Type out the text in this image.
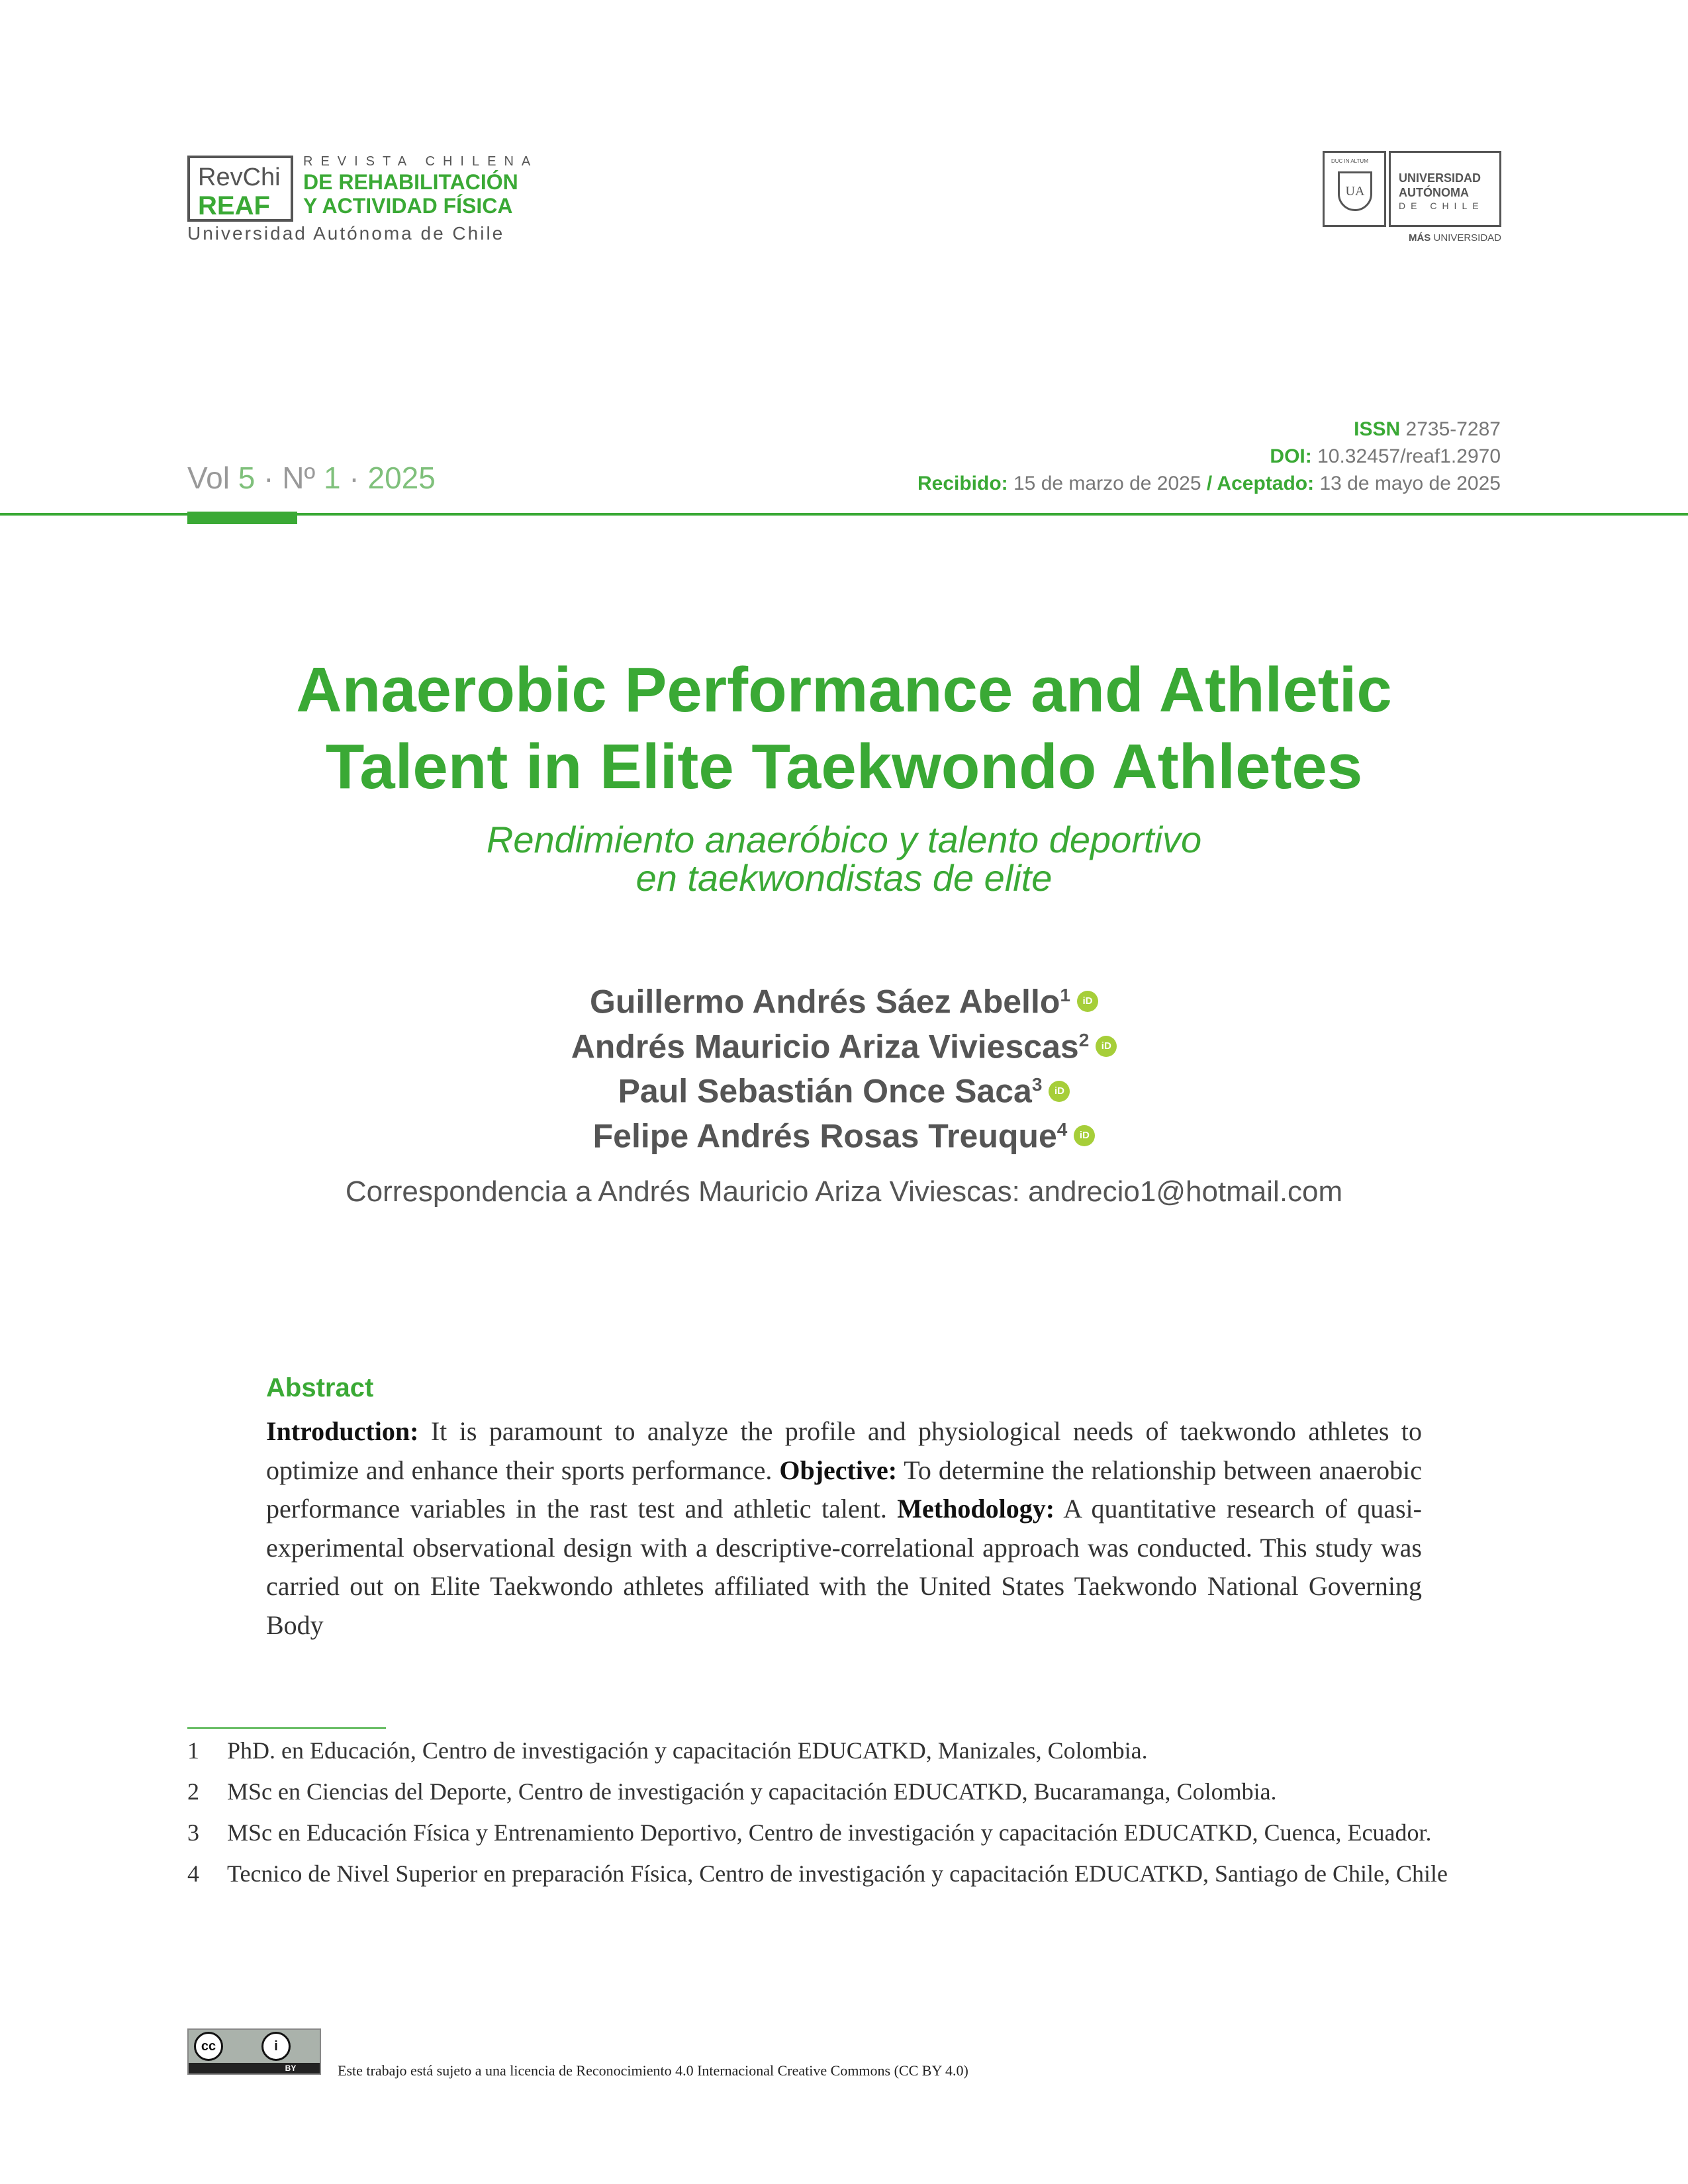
RevChi
REAF
REVISTA CHILENA
DE REHABILITACIÓN
Y ACTIVIDAD FÍSICA
Universidad Autónoma de Chile
DUC IN ALTUM
UA
UNIVERSIDAD
AUTÓNOMA
DE CHILE
MÁS UNIVERSIDAD
Vol 5 · Nº 1 · 2025
ISSN 2735-7287
DOI: 10.32457/reaf1.2970
Recibido: 15 de marzo de 2025 / Aceptado: 13 de mayo de 2025
Anaerobic Performance and Athletic
Talent in Elite Taekwondo Athletes
Rendimiento anaeróbico y talento deportivo
en taekwondistas de elite
Guillermo Andrés Sáez Abello$^1$ iD
Andrés Mauricio Ariza Viviescas$^2$ iD
Paul Sebastián Once Saca$^3$ iD
Felipe Andrés Rosas Treuque$^4$ iD
Correspondencia a Andrés Mauricio Ariza Viviescas: andrecio1@hotmail.com
Abstract
Introduction: It is paramount to analyze the profile and physiological needs of taekwondo athletes to optimize and enhance their sports performance. Objective: To determine the relationship between anaerobic performance variables in the rast test and athletic talent. Methodology: A quantitative research of quasi-experimental observational design with a descriptive-correlational approach was conducted. This study was carried out on Elite Taekwondo athletes affiliated with the United States Taekwondo National Governing Body
1 PhD. en Educación, Centro de investigación y capacitación EDUCATKD, Manizales, Colombia.
2 MSc en Ciencias del Deporte, Centro de investigación y capacitación EDUCATKD, Bucaramanga, Colombia.
3 MSc en Educación Física y Entrenamiento Deportivo, Centro de investigación y capacitación EDUCATKD, Cuenca, Ecuador.
4 Tecnico de Nivel Superior en preparación Física, Centro de investigación y capacitación EDUCATKD, Santiago de Chile, Chile
cc	i
BY	Este trabajo está sujeto a una licencia de Reconocimiento 4.0 Internacional Creative Commons (CC BY 4.0)
